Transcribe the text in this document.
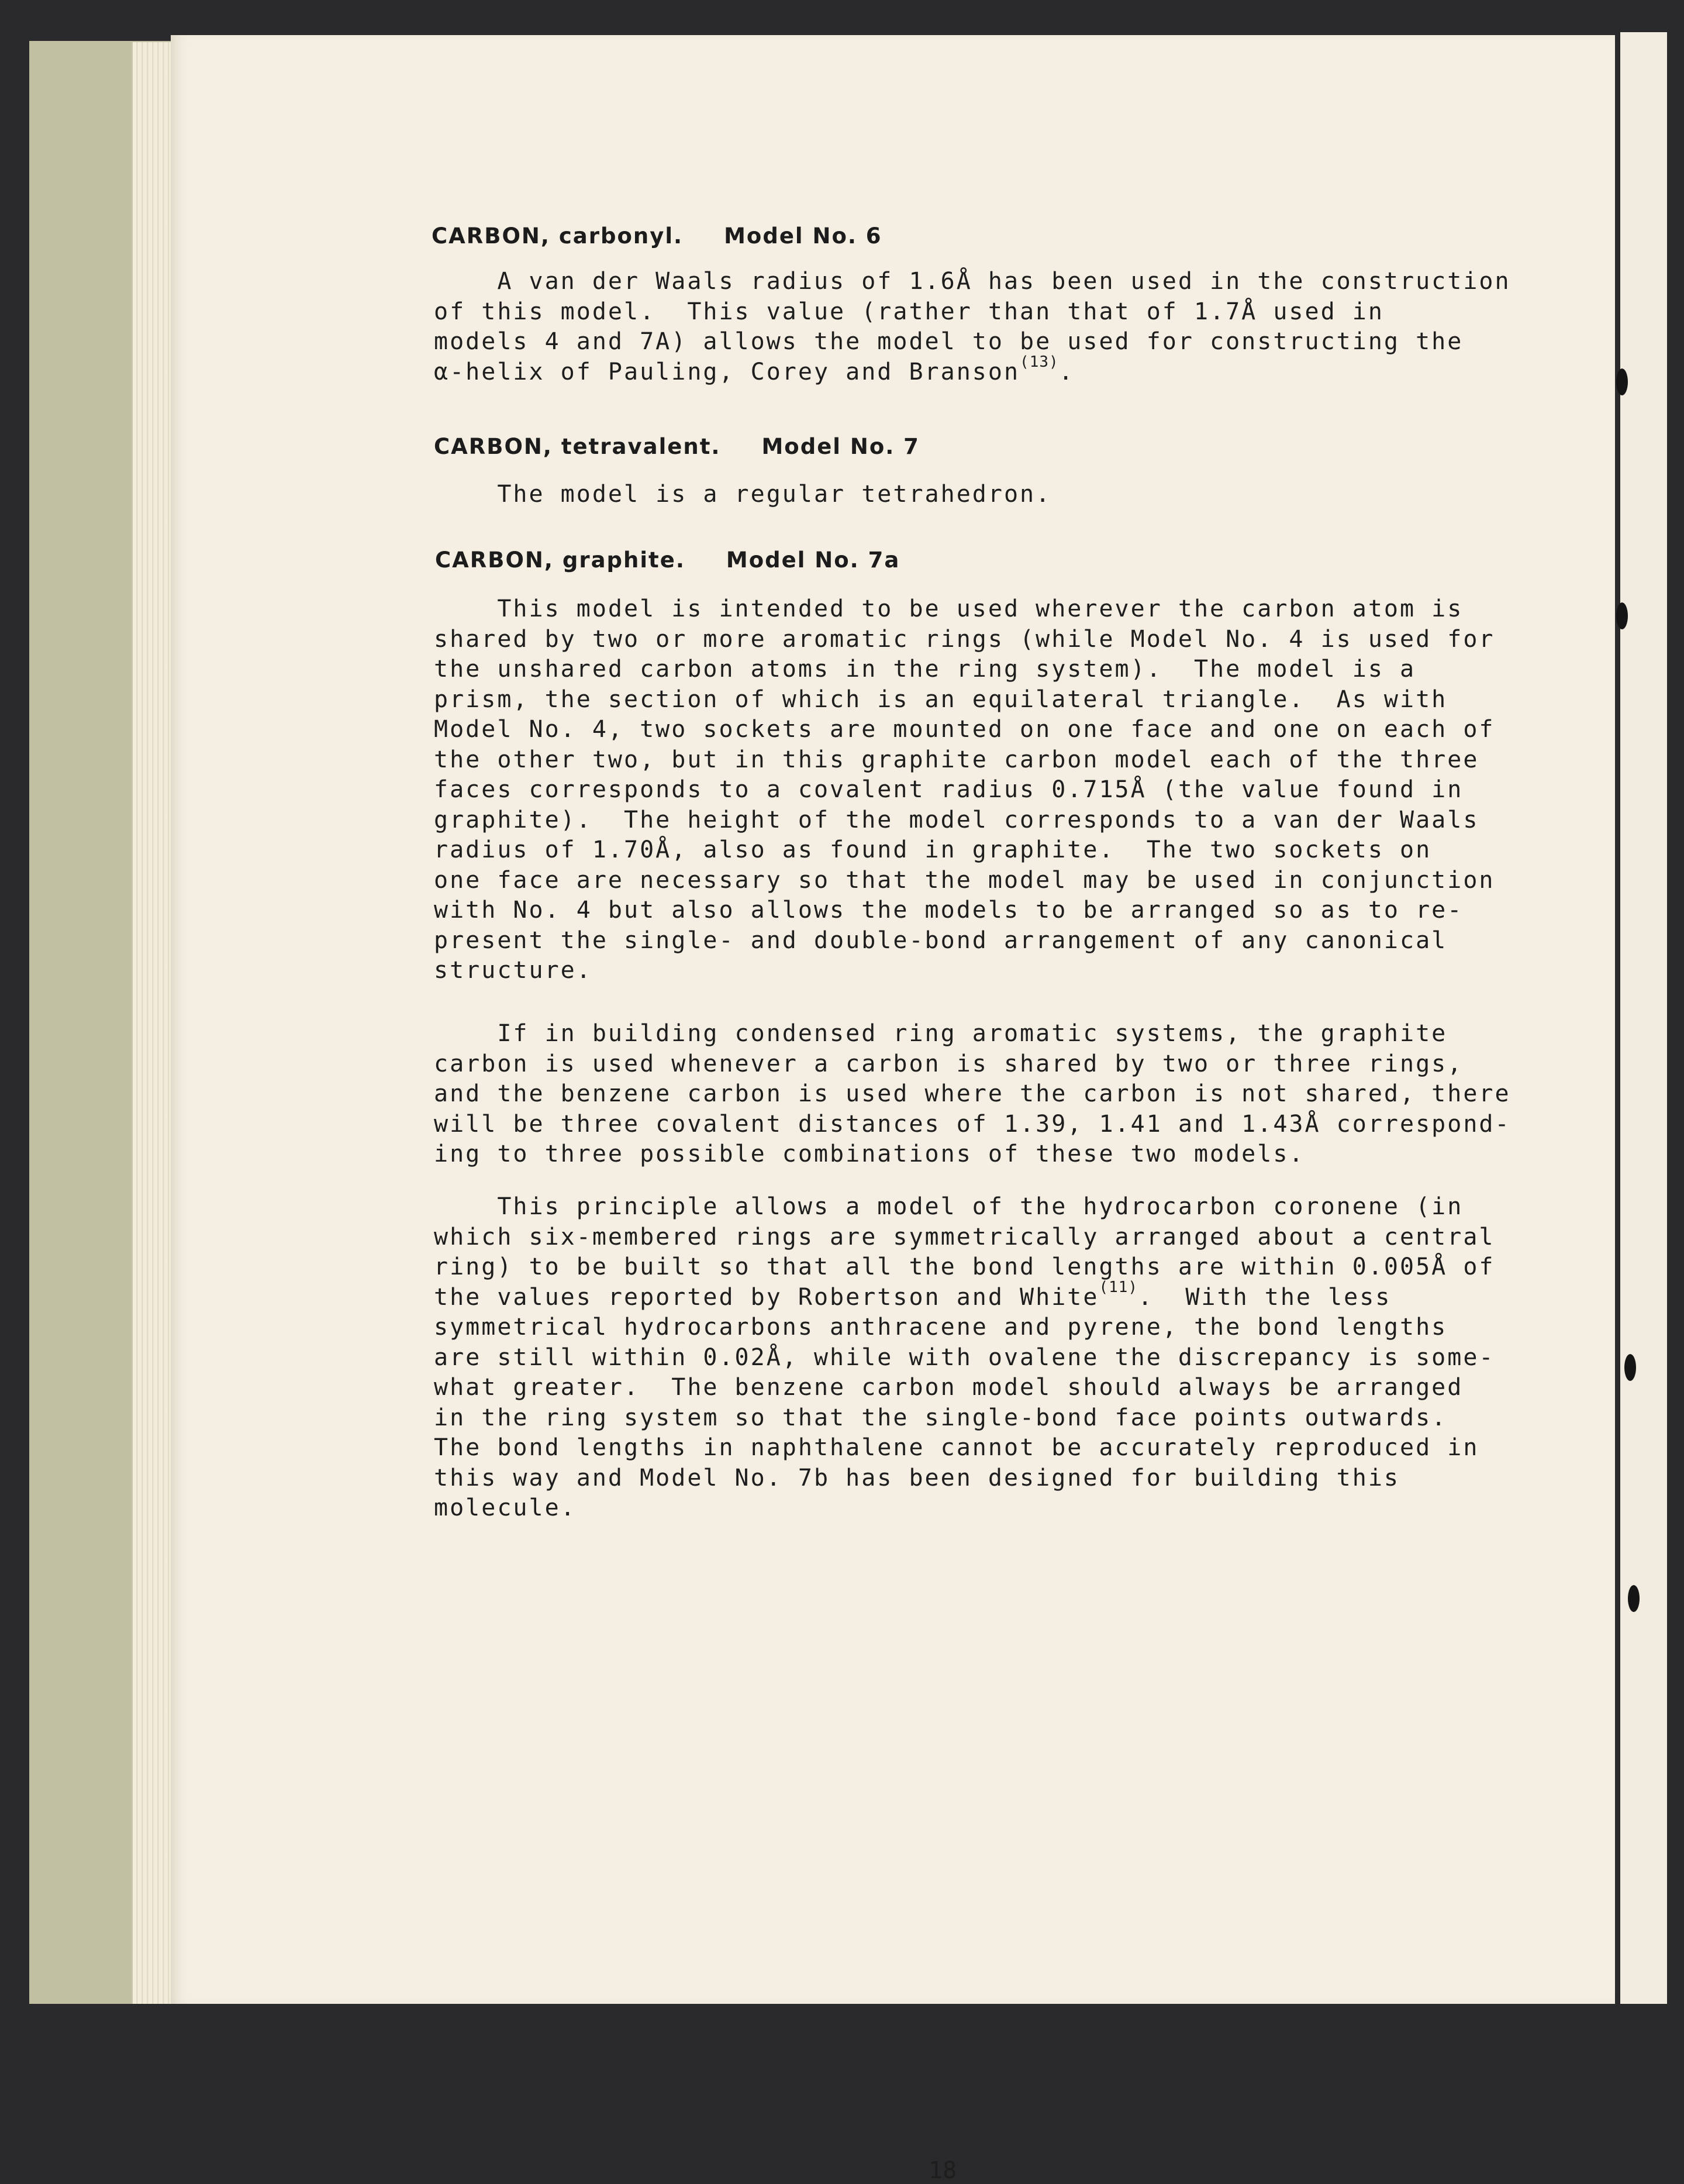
CARBON, carbonyl. Model No. 6
A van der Waals radius of 1.6Å has been used in the construction
of this model.  This value (rather than that of 1.7Å used in
models 4 and 7A) allows the model to be used for constructing the
α-helix of Pauling, Corey and Branson$^{(13)}$.
CARBON, tetravalent. Model No. 7
The model is a regular tetrahedron.
CARBON, graphite. Model No. 7a
This model is intended to be used wherever the carbon atom is
shared by two or more aromatic rings (while Model No. 4 is used for
the unshared carbon atoms in the ring system).  The model is a
prism, the section of which is an equilateral triangle.  As with
Model No. 4, two sockets are mounted on one face and one on each of
the other two, but in this graphite carbon model each of the three
faces corresponds to a covalent radius 0.715Å (the value found in
graphite).  The height of the model corresponds to a van der Waals
radius of 1.70Å, also as found in graphite.  The two sockets on
one face are necessary so that the model may be used in conjunction
with No. 4 but also allows the models to be arranged so as to re-
present the single- and double-bond arrangement of any canonical
structure.
If in building condensed ring aromatic systems, the graphite
carbon is used whenever a carbon is shared by two or three rings,
and the benzene carbon is used where the carbon is not shared, there
will be three covalent distances of 1.39, 1.41 and 1.43Å correspond-
ing to three possible combinations of these two models.
This principle allows a model of the hydrocarbon coronene (in
which six-membered rings are symmetrically arranged about a central
ring) to be built so that all the bond lengths are within 0.005Å of
the values reported by Robertson and White$^{(11)}$.  With the less
symmetrical hydrocarbons anthracene and pyrene, the bond lengths
are still within 0.02Å, while with ovalene the discrepancy is some-
what greater.  The benzene carbon model should always be arranged
in the ring system so that the single-bond face points outwards.
The bond lengths in naphthalene cannot be accurately reproduced in
this way and Model No. 7b has been designed for building this
molecule.
18
